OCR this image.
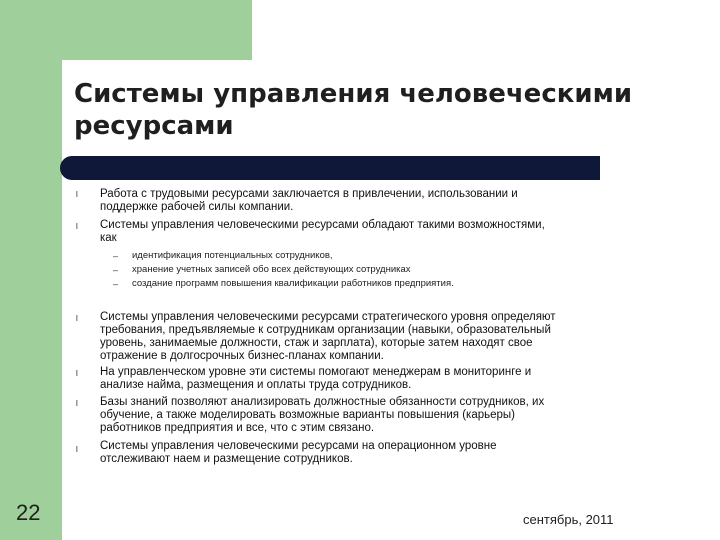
Системы управления человеческими ресурсами
l	Работа с трудовыми ресурсами заключается в привлечении, использовании и
поддержке рабочей силы компании.
l	Системы управления человеческими ресурсами обладают такими возможностями,
как
– идентификация потенциальных сотрудников,
– хранение учетных записей обо всех действующих сотрудниках
– создание программ повышения квалификации работников предприятия.
l	Системы управления человеческими ресурсами стратегического уровня определяют
требования, предъявляемые к сотрудникам организации (навыки, образовательный
уровень, занимаемые должности, стаж и зарплата), которые затем находят свое
отражение в долгосрочных бизнес-планах компании.
l	На управленческом уровне эти системы помогают менеджерам в мониторинге и
анализе найма, размещения и оплаты труда сотрудников.
l	Базы знаний позволяют анализировать должностные обязанности сотрудников, их
обучение, а также моделировать возможные варианты повышения (карьеры)
работников предприятия и все, что с этим связано.
l	Системы управления человеческими ресурсами на операционном уровне
отслеживают наем и размещение сотрудников.
22	сентябрь, 2011
